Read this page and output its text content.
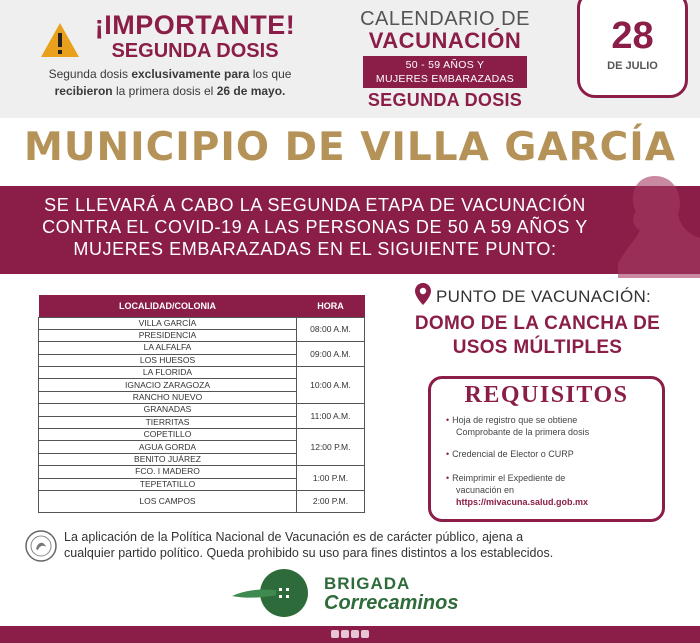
¡IMPORTANTE!
SEGUNDA DOSIS
Segunda dosis exclusivamente para los que
recibieron la primera dosis el 26 de mayo.
CALENDARIO DE
VACUNACIÓN
50 - 59 AÑOS Y
MUJERES EMBARAZADAS
SEGUNDA DOSIS
28
DE JULIO
MUNICIPIO DE VILLA GARCÍA
SE LLEVARÁ A CABO LA SEGUNDA ETAPA DE VACUNACIÓN
CONTRA EL COVID-19 A LAS PERSONAS DE 50 A 59 AÑOS Y
MUJERES EMBARAZADAS EN EL SIGUIENTE PUNTO:
LOCALIDAD/COLONIA	HORA
VILLA GARCÍA	08:00 A.M.
PRESIDENCIA	
LA ALFALFA	09:00 A.M.
LOS HUESOS	
LA FLORIDA	10:00 A.M.
IGNACIO ZARAGOZA	
RANCHO NUEVO	
GRANADAS	11:00 A.M.
TIERRITAS	
COPETILLO	12:00 P.M.
AGUA GORDA	
BENITO JUÁREZ	
FCO. I MADERO	1:00 P.M.
TEPETATILLO	
LOS CAMPOS	2:00 P.M.
PUNTO DE VACUNACIÓN:
DOMO DE LA CANCHA DE
USOS MÚLTIPLES
REQUISITOS
• Hoja de registro que se obtiene
Comprobante de la primera dosis
• Credencial de Elector o CURP
• Reimprimir el Expediente de
vacunación en
https://mivacuna.salud.gob.mx
La aplicación de la Política Nacional de Vacunación es de carácter público, ajena a
cualquier partido político. Queda prohibido su uso para fines distintos a los establecidos.
BRIGADA
Correcaminos
